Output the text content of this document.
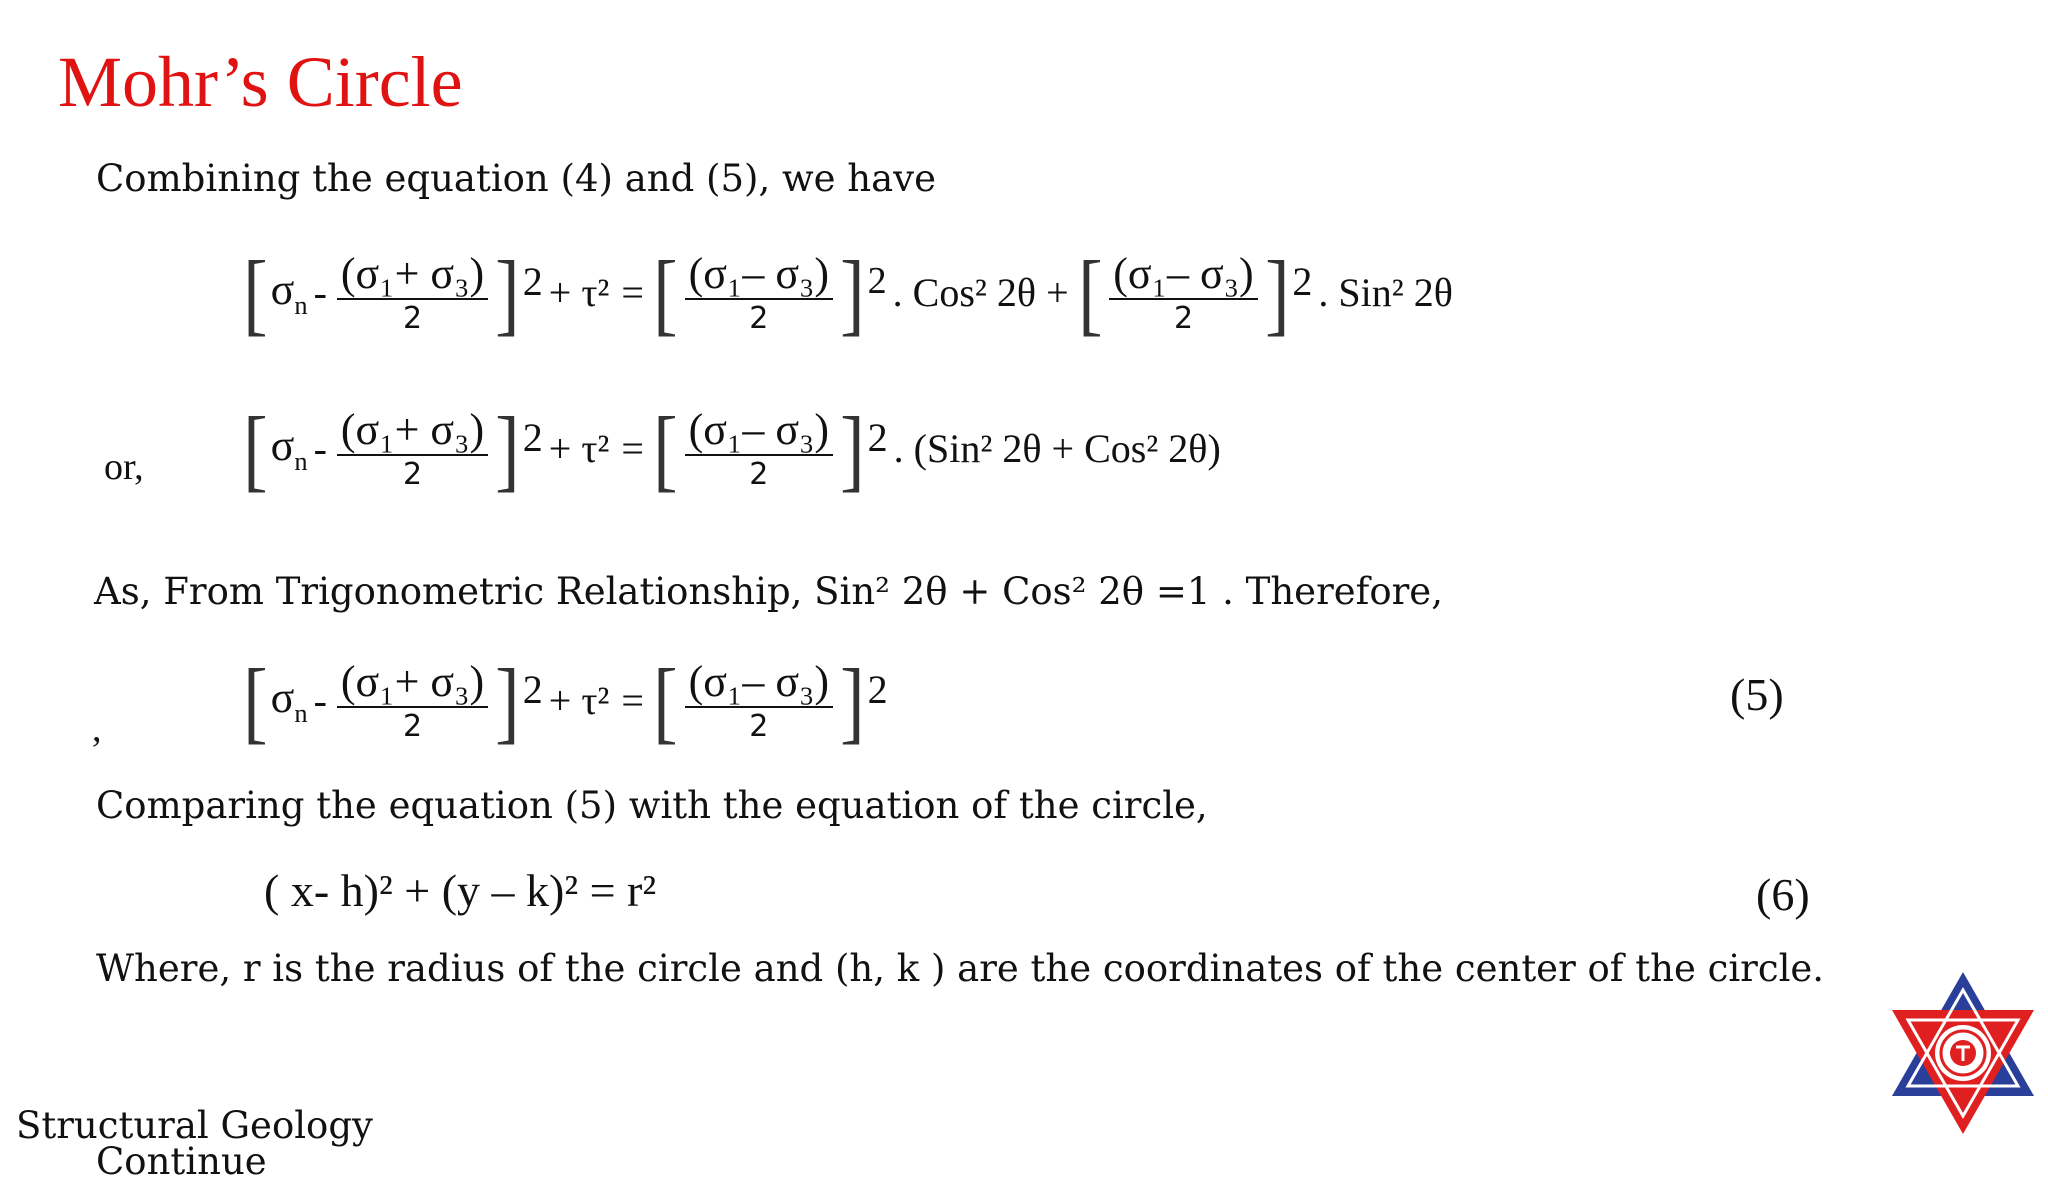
Mohr’s Circle
Combining the equation (4) and (5), we have
[ $\sigma_n - \frac{\text{(σ₁+ σ₃)}}{2}$ ] 2 + τ² = [ $\frac{\text{(σ₁– σ₃)}}{2}$ ] 2 . Cos² 2θ + [ $\frac{\text{(σ₁– σ₃)}}{2}$ ] 2 . Sin² 2θ
or, [ $\sigma_n - \frac{\text{(σ₁+ σ₃)}}{2}$ ] 2 + τ² = [ $\frac{\text{(σ₁– σ₃)}}{2}$ ] 2 . (Sin² 2θ + Cos² 2θ)
As, From Trigonometric Relationship, Sin² 2θ + Cos² 2θ =1 . Therefore,
, [ $\sigma_n - \frac{\text{(σ₁+ σ₃)}}{2}$ ] 2 + τ² = [ $\frac{\text{(σ₁– σ₃)}}{2}$ ] 2	(5)
Comparing the equation (5) with the equation of the circle,
( x- h)² + (y – k)² = r²	(6)
Where, r is the radius of the circle and (h, k ) are the coordinates of the center of the circle.
Structural Geology
Continue
